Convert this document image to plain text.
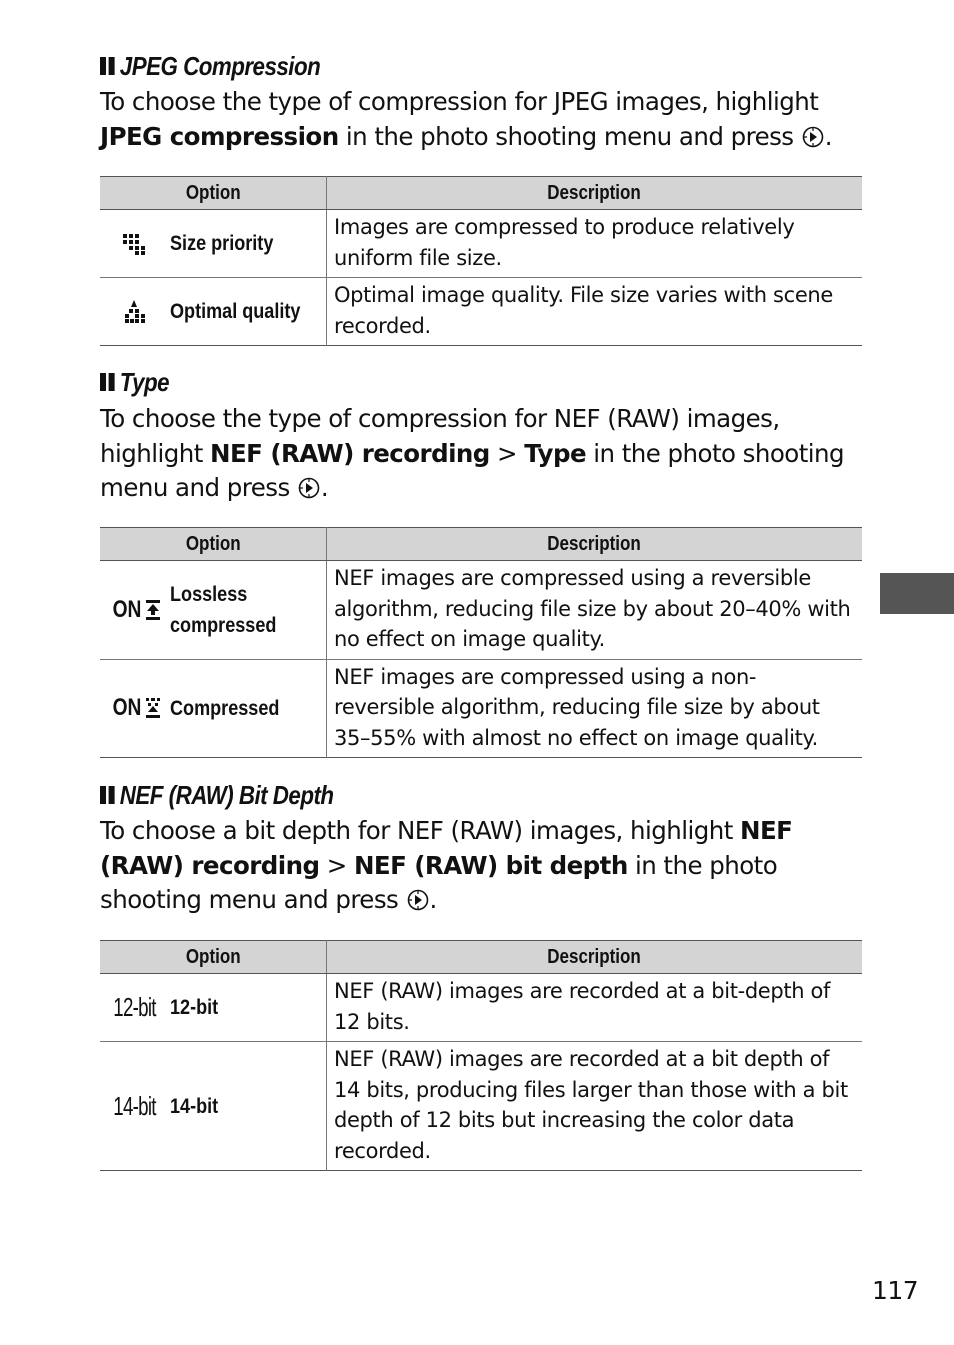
JPEG Compression
To choose the type of compression for JPEG images, highlight JPEG compression in the photo shooting menu and press .
Option	Description

Size priority	Images are compressed to produce relatively uniform file size.

Optimal quality	Optimal image quality. File size varies with scene recorded.
Type
To choose the type of compression for NEF (RAW) images, highlight NEF (RAW) recording > Type in the photo shooting menu and press .
Option	Description

ON
Lossless
compressed	NEF images are compressed using a reversible algorithm, reducing file size by about 20–40% with no effect on image quality.

ON Compressed	NEF images are compressed using a non-reversible algorithm, reducing file size by about 35–55% with almost no effect on image quality.
NEF (RAW) Bit Depth
To choose a bit depth for NEF (RAW) images, highlight NEF (RAW) recording > NEF (RAW) bit depth in the photo shooting menu and press .
Option	Description

12-bit 12-bit	NEF (RAW) images are recorded at a bit-depth of 12 bits.

14-bit 14-bit	NEF (RAW) images are recorded at a bit depth of 14 bits, producing files larger than those with a bit depth of 12 bits but increasing the color data recorded.
117
